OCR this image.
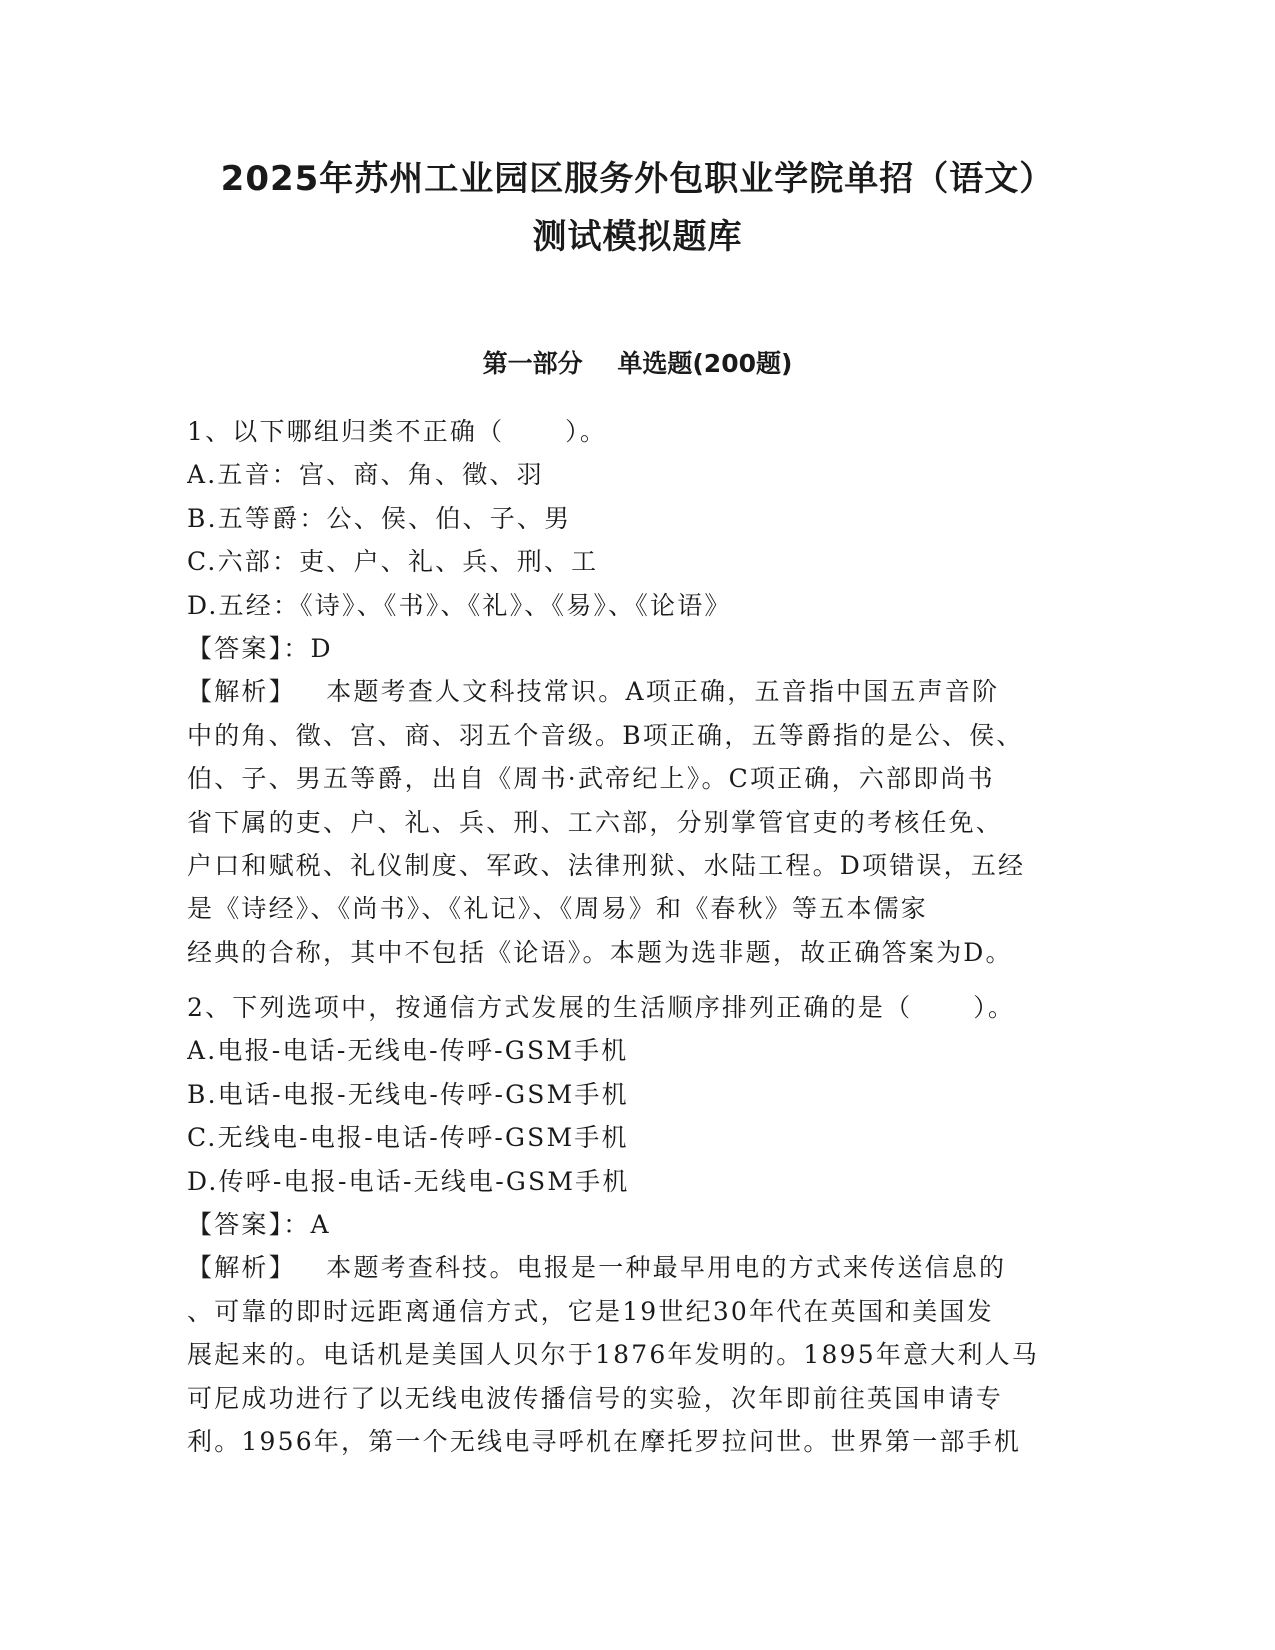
2025年苏州工业园区服务外包职业学院单招（语文）
测试模拟题库
第一部分    单选题(200题)
1、以下哪组归类不正确（      ）。
A.五音：宫、商、角、徵、羽
B.五等爵：公、侯、伯、子、男
C.六部：吏、户、礼、兵、刑、工
D.五经：《诗》、《书》、《礼》、《易》、《论语》
【答案】：D
【解析】   本题考查人文科技常识。A项正确，五音指中国五声音阶
中的角、徵、宫、商、羽五个音级。B项正确，五等爵指的是公、侯、
伯、子、男五等爵，出自《周书·武帝纪上》。C项正确，六部即尚书
省下属的吏、户、礼、兵、刑、工六部，分别掌管官吏的考核任免、
户口和赋税、礼仪制度、军政、法律刑狱、水陆工程。D项错误，五经
是《诗经》、《尚书》、《礼记》、《周易》和《春秋》等五本儒家
经典的合称，其中不包括《论语》。本题为选非题，故正确答案为D。
2、下列选项中，按通信方式发展的生活顺序排列正确的是（      ）。
A.电报-电话-无线电-传呼-GSM手机
B.电话-电报-无线电-传呼-GSM手机
C.无线电-电报-电话-传呼-GSM手机
D.传呼-电报-电话-无线电-GSM手机
【答案】：A
【解析】   本题考查科技。电报是一种最早用电的方式来传送信息的
、可靠的即时远距离通信方式，它是19世纪30年代在英国和美国发
展起来的。电话机是美国人贝尔于1876年发明的。1895年意大利人马
可尼成功进行了以无线电波传播信号的实验，次年即前往英国申请专
利。1956年，第一个无线电寻呼机在摩托罗拉问世。世界第一部手机
